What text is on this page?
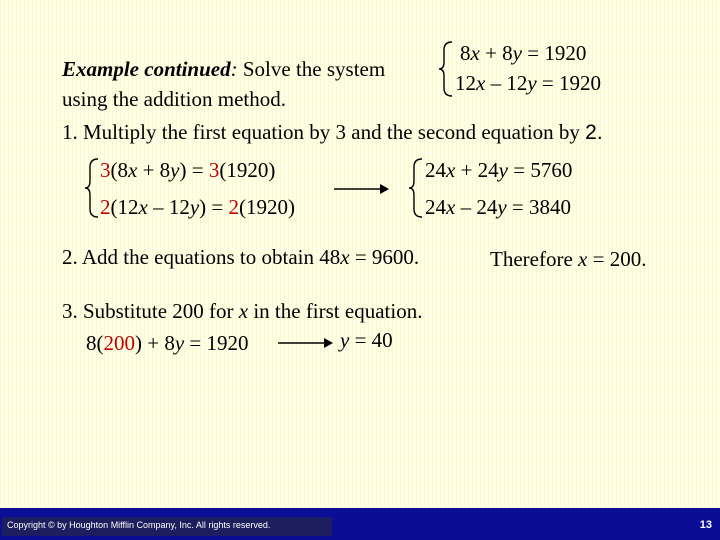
Example continued: Solve the system
using the addition method.
8x + 8y = 1920
12x – 12y = 1920
1. Multiply the first equation by 3 and the second equation by 2.
3(8x + 8y) = 3(1920)
2(12x – 12y) = 2(1920)
24x + 24y = 5760
24x – 24y = 3840
2. Add the equations to obtain 48x = 9600.	Therefore x = 200.
3. Substitute 200 for x in the first equation.
8(200) + 8y = 1920	y = 40
Copyright © by Houghton Mifflin Company, Inc. All rights reserved.	13
